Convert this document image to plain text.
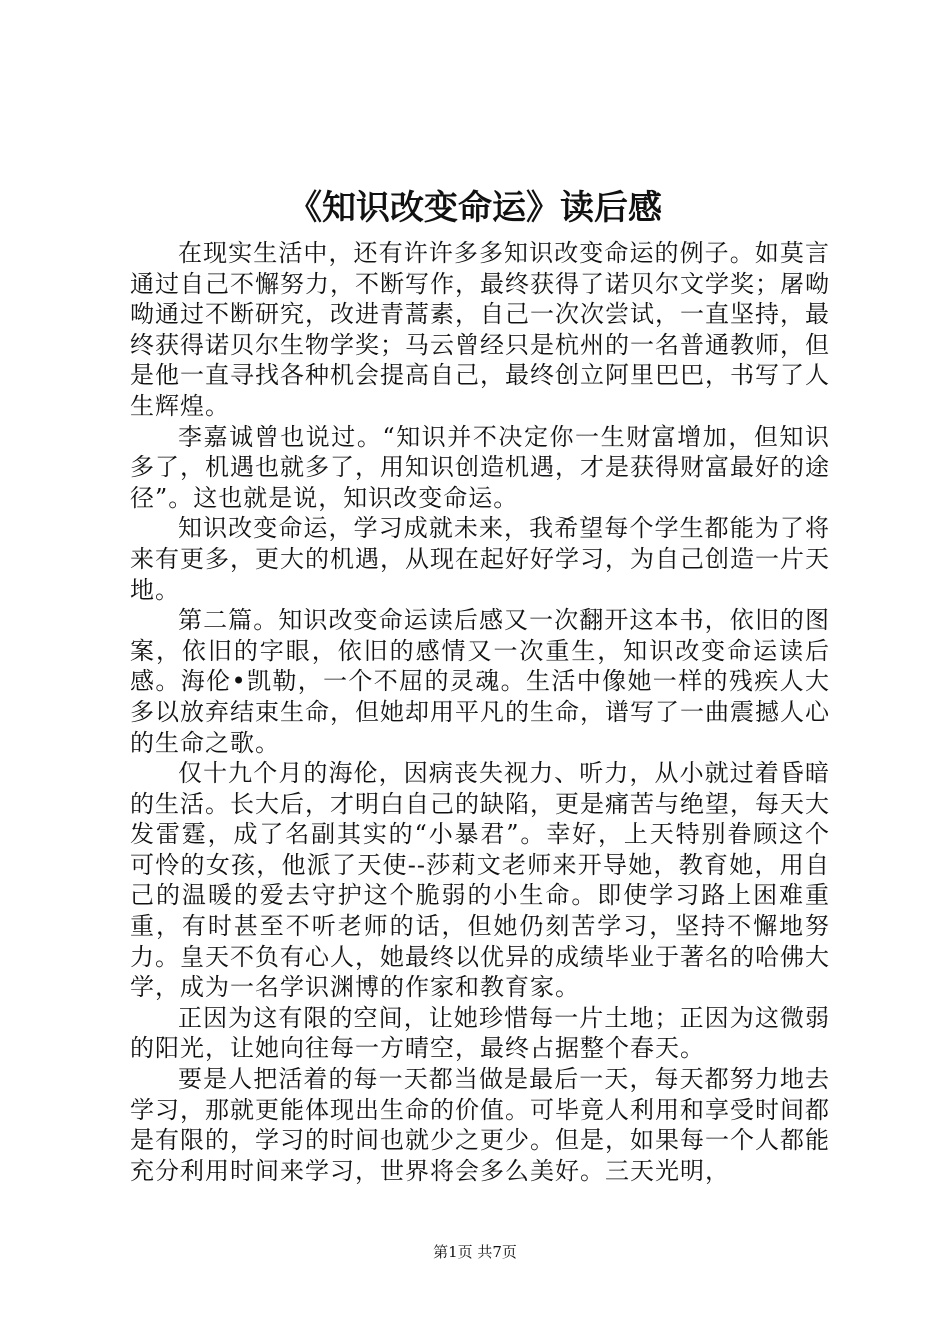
《知识改变命运》读后感

在现实生活中，还有许许多多知识改变命运的例子。如莫言通过自己不懈努力，不断写作，最终获得了诺贝尔文学奖；屠呦呦通过不断研究，改进青蒿素，自己一次次尝试，一直坚持，最终获得诺贝尔生物学奖；马云曾经只是杭州的一名普通教师，但是他一直寻找各种机会提高自己，最终创立阿里巴巴，书写了人生辉煌。

李嘉诚曾也说过。“知识并不决定你一生财富增加，但知识多了，机遇也就多了，用知识创造机遇，才是获得财富最好的途径”。这也就是说，知识改变命运。

知识改变命运，学习成就未来，我希望每个学生都能为了将来有更多，更大的机遇，从现在起好好学习，为自己创造一片天地。

第二篇。知识改变命运读后感又一次翻开这本书，依旧的图案，依旧的字眼，依旧的感情又一次重生，知识改变命运读后感。海伦•凯勒，一个不屈的灵魂。生活中像她一样的残疾人大多以放弃结束生命，但她却用平凡的生命，谱写了一曲震撼人心的生命之歌。

仅十九个月的海伦，因病丧失视力、听力，从小就过着昏暗的生活。长大后，才明白自己的缺陷，更是痛苦与绝望，每天大发雷霆，成了名副其实的“小暴君”。幸好，上天特别眷顾这个可怜的女孩，他派了天使--莎莉文老师来开导她，教育她，用自己的温暖的爱去守护这个脆弱的小生命。即使学习路上困难重重，有时甚至不听老师的话，但她仍刻苦学习，坚持不懈地努力。皇天不负有心人，她最终以优异的成绩毕业于著名的哈佛大学，成为一名学识渊博的作家和教育家。

正因为这有限的空间，让她珍惜每一片土地；正因为这微弱的阳光，让她向往每一方晴空，最终占据整个春天。

要是人把活着的每一天都当做是最后一天，每天都努力地去学习，那就更能体现出生命的价值。可毕竟人利用和享受时间都是有限的，学习的时间也就少之更少。但是，如果每一个人都能充分利用时间来学习，世界将会多么美好。三天光明，

第1页 共7页
